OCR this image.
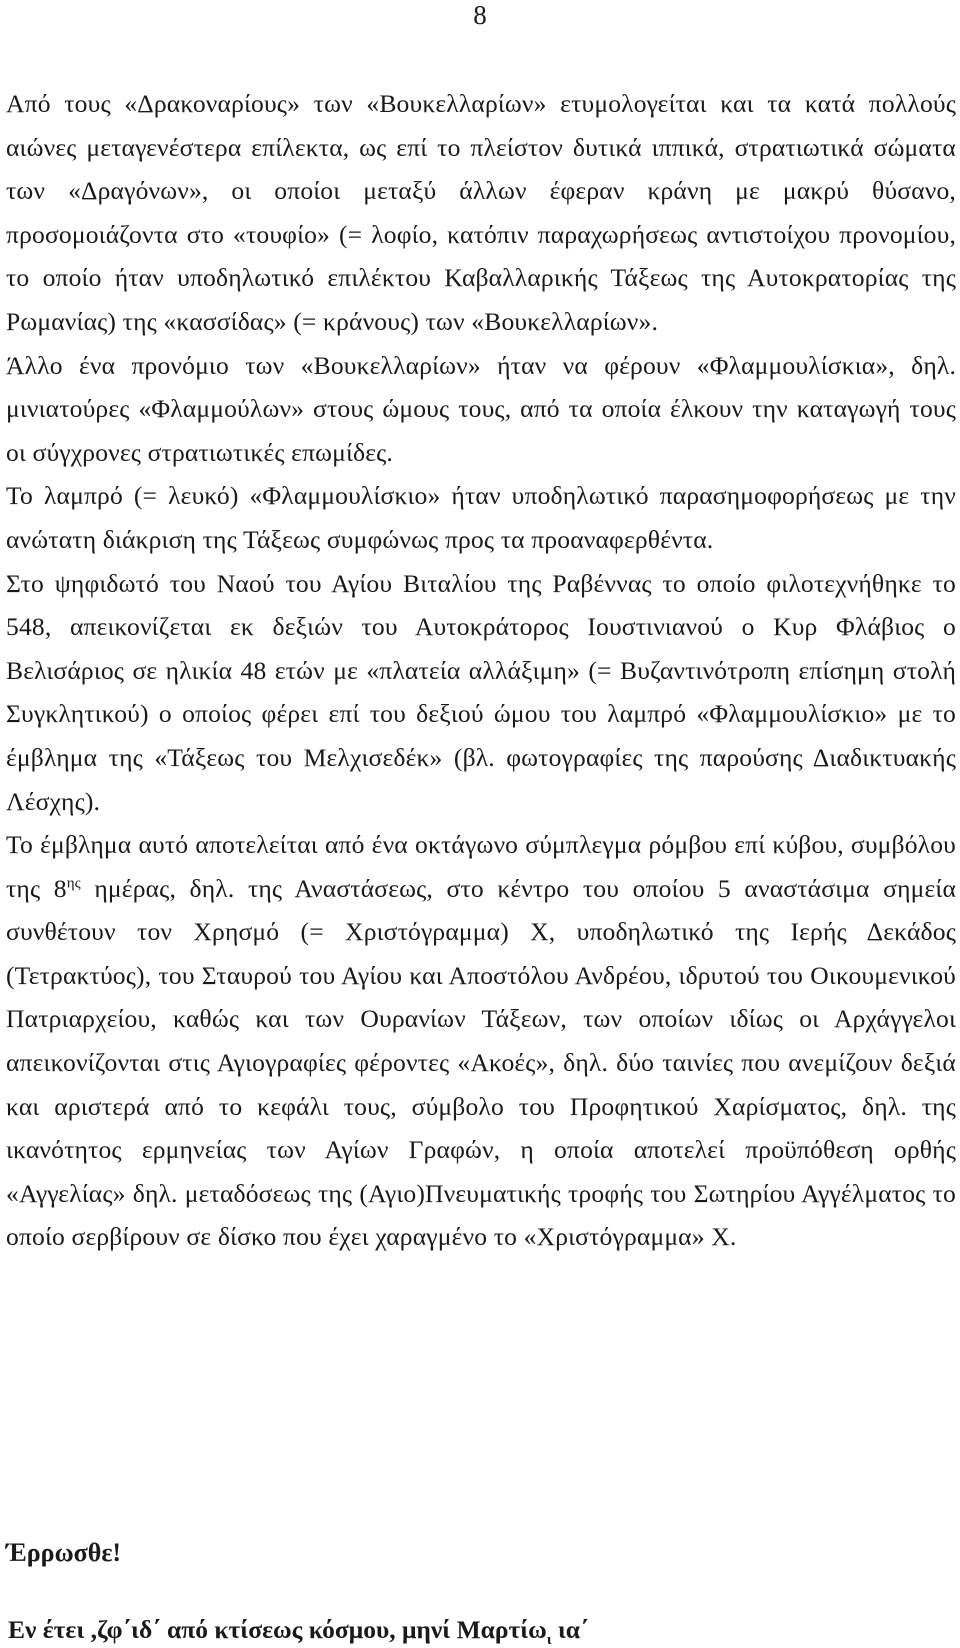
8

Από τους «Δρακοναρίους» των «Βουκελλαρίων» ετυμολογείται και τα κατά πολλούς αιώνες μεταγενέστερα επίλεκτα, ως επί το πλείστον δυτικά ιππικά, στρατιωτικά σώματα των «Δραγόνων», οι οποίοι μεταξύ άλλων έφεραν κράνη με μακρύ θύσανο, προσομοιάζοντα στο «τουφίο» (= λοφίο, κατόπιν παραχωρήσεως αντιστοίχου προνομίου, το οποίο ήταν υποδηλωτικό επιλέκτου Καβαλλαρικής Τάξεως της Αυτοκρατορίας της Ρωμανίας) της «κασσίδας» (= κράνους) των «Βουκελλαρίων».

Άλλο ένα προνόμιο των «Βουκελλαρίων» ήταν να φέρουν «Φλαμμουλίσκια», δηλ. μινιατούρες «Φλαμμούλων» στους ώμους τους, από τα οποία έλκουν την καταγωγή τους οι σύγχρονες στρατιωτικές επωμίδες.

Το λαμπρό (= λευκό) «Φλαμμουλίσκιο» ήταν υποδηλωτικό παρασημοφορήσεως με την ανώτατη διάκριση της Τάξεως συμφώνως προς τα προαναφερθέντα.

Στο ψηφιδωτό του Ναού του Αγίου Βιταλίου της Ραβέννας το οποίο φιλοτεχνήθηκε το 548, απεικονίζεται εκ δεξιών του Αυτοκράτορος Ιουστινιανού ο Κυρ Φλάβιος ο Βελισάριος σε ηλικία 48 ετών με «πλατεία αλλάξιμη» (= Βυζαντινότροπη επίσημη στολή Συγκλητικού) ο οποίος φέρει επί του δεξιού ώμου του λαμπρό «Φλαμμουλίσκιο» με το έμβλημα της «Τάξεως του Μελχισεδέκ» (βλ. φωτογραφίες της παρούσης Διαδικτυακής Λέσχης).

Το έμβλημα αυτό αποτελείται από ένα οκτάγωνο σύμπλεγμα ρόμβου επί κύβου, συμβόλου της $8^{\eta\varsigma}$ ημέρας, δηλ. της Αναστάσεως, στο κέντρο του οποίου 5 αναστάσιμα σημεία συνθέτουν τον Χρησμό (= Χριστόγραμμα) Χ, υποδηλωτικό της Ιερής Δεκάδος (Τετρακτύος), του Σταυρού του Αγίου και Αποστόλου Ανδρέου, ιδρυτού του Οικουμενικού Πατριαρχείου, καθώς και των Ουρανίων Τάξεων, των οποίων ιδίως οι Αρχάγγελοι απεικονίζονται στις Αγιογραφίες φέροντες «Ακοές», δηλ. δύο ταινίες που ανεμίζουν δεξιά και αριστερά από το κεφάλι τους, σύμβολο του Προφητικού Χαρίσματος, δηλ. της ικανότητος ερμηνείας των Αγίων Γραφών, η οποία αποτελεί προϋπόθεση ορθής «Αγγελίας» δηλ. μεταδόσεως της (Αγιο)Πνευματικής τροφής του Σωτηρίου Αγγέλματος το οποίο σερβίρουν σε δίσκο που έχει χαραγμένο το «Χριστόγραμμα» Χ.

Έρρωσθε!
Εν έτει ,ζφ΄ιδ΄ από κτίσεως κόσμου, μηνί Μαρτίω$_\iota$ ια΄
